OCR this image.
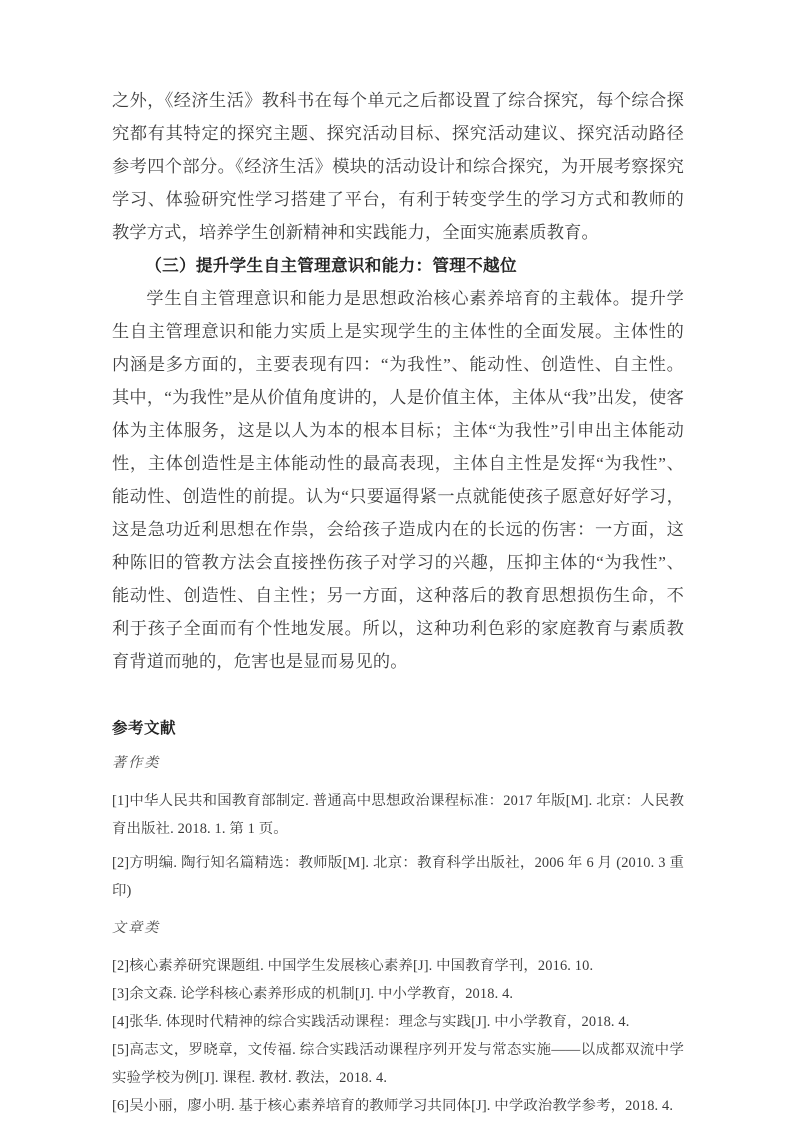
之外，《经济生活》教科书在每个单元之后都设置了综合探究，每个综合探究都有其特定的探究主题、探究活动目标、探究活动建议、探究活动路径参考四个部分。《经济生活》模块的活动设计和综合探究，为开展考察探究学习、体验研究性学习搭建了平台，有利于转变学生的学习方式和教师的教学方式，培养学生创新精神和实践能力，全面实施素质教育。

（三）提升学生自主管理意识和能力：管理不越位

学生自主管理意识和能力是思想政治核心素养培育的主载体。提升学生自主管理意识和能力实质上是实现学生的主体性的全面发展。主体性的内涵是多方面的，主要表现有四：“为我性”、能动性、创造性、自主性。其中，“为我性”是从价值角度讲的，人是价值主体，主体从“我”出发，使客体为主体服务，这是以人为本的根本目标；主体“为我性”引申出主体能动性，主体创造性是主体能动性的最高表现，主体自主性是发挥“为我性”、能动性、创造性的前提。认为“只要逼得紧一点就能使孩子愿意好好学习，这是急功近利思想在作祟，会给孩子造成内在的长远的伤害：一方面，这种陈旧的管教方法会直接挫伤孩子对学习的兴趣，压抑主体的“为我性”、能动性、创造性、自主性；另一方面，这种落后的教育思想损伤生命，不利于孩子全面而有个性地发展。所以，这种功利色彩的家庭教育与素质教育背道而驰的，危害也是显而易见的。

参考文献

著作类

[1]中华人民共和国教育部制定. 普通高中思想政治课程标准：2017 年版[M]. 北京：人民教育出版社. 2018. 1. 第 1 页。

[2]方明编. 陶行知名篇精选：教师版[M]. 北京：教育科学出版社，2006 年 6 月 (2010. 3 重印)

文章类

[2]核心素养研究课题组. 中国学生发展核心素养[J]. 中国教育学刊，2016. 10.

[3]余文森. 论学科核心素养形成的机制[J]. 中小学教育，2018. 4.

[4]张华. 体现时代精神的综合实践活动课程：理念与实践[J]. 中小学教育，2018. 4.

[5]高志文，罗晓章，文传福. 综合实践活动课程序列开发与常态实施——以成都双流中学实验学校为例[J]. 课程. 教材. 教法，2018. 4.

[6]吴小丽，廖小明. 基于核心素养培育的教师学习共同体[J]. 中学政治教学参考，2018. 4.
